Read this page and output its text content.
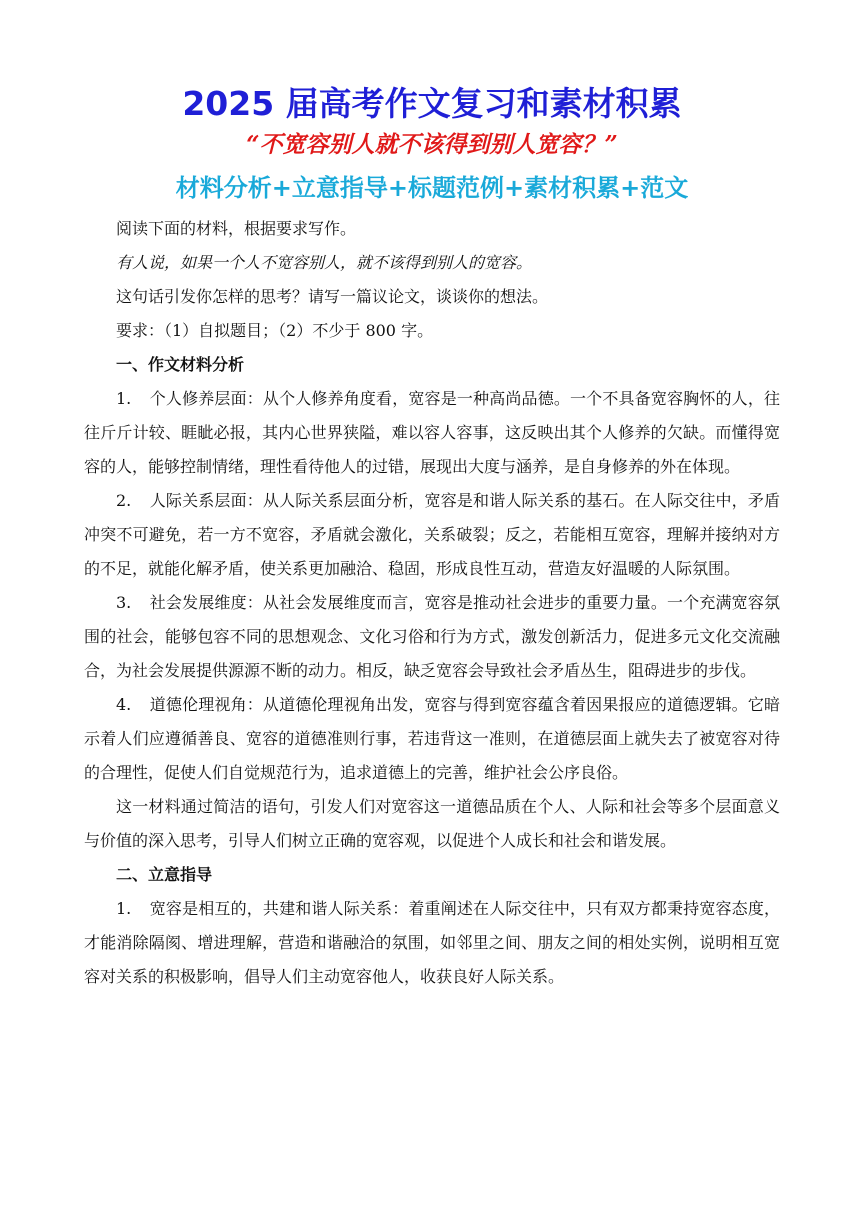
2025 届高考作文复习和素材积累
“不宽容别人就不该得到别人宽容？”
材料分析+立意指导+标题范例+素材积累+范文

阅读下面的材料，根据要求写作。

有人说，如果一个人不宽容别人，就不该得到别人的宽容。

这句话引发你怎样的思考？请写一篇议论文，谈谈你的想法。

要求：（1）自拟题目；（2）不少于 800 字。

一、作文材料分析

1. 个人修养层面：从个人修养角度看，宽容是一种高尚品德。一个不具备宽容胸怀的人，往往斤斤计较、睚眦必报，其内心世界狭隘，难以容人容事，这反映出其个人修养的欠缺。而懂得宽容的人，能够控制情绪，理性看待他人的过错，展现出大度与涵养，是自身修养的外在体现。

2. 人际关系层面：从人际关系层面分析，宽容是和谐人际关系的基石。在人际交往中，矛盾冲突不可避免，若一方不宽容，矛盾就会激化，关系破裂；反之，若能相互宽容，理解并接纳对方的不足，就能化解矛盾，使关系更加融洽、稳固，形成良性互动，营造友好温暖的人际氛围。

3. 社会发展维度：从社会发展维度而言，宽容是推动社会进步的重要力量。一个充满宽容氛围的社会，能够包容不同的思想观念、文化习俗和行为方式，激发创新活力，促进多元文化交流融合，为社会发展提供源源不断的动力。相反，缺乏宽容会导致社会矛盾丛生，阻碍进步的步伐。

4. 道德伦理视角：从道德伦理视角出发，宽容与得到宽容蕴含着因果报应的道德逻辑。它暗示着人们应遵循善良、宽容的道德准则行事，若违背这一准则，在道德层面上就失去了被宽容对待的合理性，促使人们自觉规范行为，追求道德上的完善，维护社会公序良俗。

这一材料通过简洁的语句，引发人们对宽容这一道德品质在个人、人际和社会等多个层面意义与价值的深入思考，引导人们树立正确的宽容观，以促进个人成长和社会和谐发展。

二、立意指导

1. 宽容是相互的，共建和谐人际关系：着重阐述在人际交往中，只有双方都秉持宽容态度，才能消除隔阂、增进理解，营造和谐融洽的氛围，如邻里之间、朋友之间的相处实例，说明相互宽容对关系的积极影响，倡导人们主动宽容他人，收获良好人际关系。
